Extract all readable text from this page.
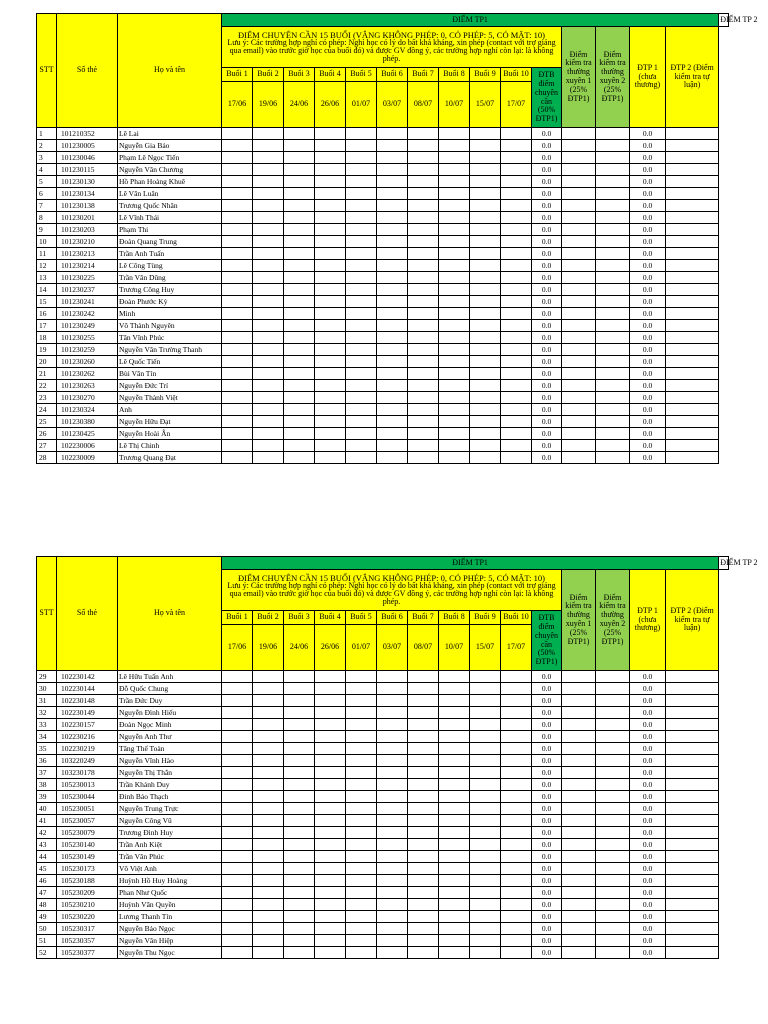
STT	Số thẻ	Họ và tên	ĐIỂM TP1															ĐIỂM TP 2

			ĐIỂM CHUYÊN CẦN 15 BUỔI (VẮNG KHÔNG PHÉP: 0, CÓ PHÉP: 5, CÓ MẶT: 10)
Lưu ý: Các trường hợp nghỉ có phép: Nghỉ học có lý do bất khả kháng, xin phép (contact với trợ giảng qua email) vào trước giờ học của buổi đó) và được GV đồng ý, các trường hợp nghỉ còn lại: là không phép.											Điểm kiểm tra thường xuyên 1 (25% ĐTP1)	Điểm kiểm tra thường xuyên 2 (25% ĐTP1)	ĐTP 1 (chưa thương)	ĐTP 2 (Điểm kiểm tra tự luận)	
			Buổi 1	Buổi 2	Buổi 3	Buổi 4	Buổi 5	Buổi 6	Buổi 7	Buổi 8	Buổi 9	Buổi 10	ĐTB điểm chuyên cần (50% ĐTP1)					
			17/06	19/06	24/06	26/06	01/07	03/07	08/07	10/07	15/07	17/07						
1	101210352	Lê Lai											0.0			0.0		
2	101230005	Nguyễn Gia Bảo											0.0			0.0		
3	101230046	Phạm Lê Ngọc Tiến											0.0			0.0		
4	101230115	Nguyễn Văn Chương											0.0			0.0		
5	101230130	Hồ Phan Hoàng Khuê											0.0			0.0		
6	101230134	Lê Văn Luân											0.0			0.0		
7	101230138	Trương Quốc Nhân											0.0			0.0		
8	101230201	Lê Vĩnh Thái											0.0			0.0		
9	101230203	Phạm Thi											0.0			0.0		
10	101230210	Đoàn Quang Trung											0.0			0.0		
11	101230213	Trần Anh Tuấn											0.0			0.0		
12	101230214	Lê Công Tùng											0.0			0.0		
13	101230225	Trần Văn Dũng											0.0			0.0		
14	101230237	Trương Công Huy											0.0			0.0		
15	101230241	Đoàn Phước Kỳ											0.0			0.0		
16	101230242	Minh											0.0			0.0		
17	101230249	Võ Thành Nguyên											0.0			0.0		
18	101230255	Tăn Vĩnh Phúc											0.0			0.0		
19	101230259	Nguyễn Văn Trường Thanh											0.0			0.0		
20	101230260	Lê Quốc Tiến											0.0			0.0		
21	101230262	Bùi Văn Tín											0.0			0.0		
22	101230263	Nguyễn Đức Trí											0.0			0.0		
23	101230270	Nguyễn Thành Việt											0.0			0.0		
24	101230324	Anh											0.0			0.0		
25	101230380	Nguyễn Hữu Đạt											0.0			0.0		
26	101230425	Nguyễn Hoài Ân											0.0			0.0		
27	102230006	Lê Thị Chinh											0.0			0.0		
28	102230009	Trương Quang Đạt											0.0			0.0		
STT	Số thẻ	Họ và tên	ĐIỂM TP1															ĐIỂM TP 2

			ĐIỂM CHUYÊN CẦN 15 BUỔI (VẮNG KHÔNG PHÉP: 0, CÓ PHÉP: 5, CÓ MẶT: 10)
Lưu ý: Các trường hợp nghỉ có phép: Nghỉ học có lý do bất khả kháng, xin phép (contact với trợ giảng qua email) vào trước giờ học của buổi đó) và được GV đồng ý, các trường hợp nghỉ còn lại: là không phép.											Điểm kiểm tra thường xuyên 1 (25% ĐTP1)	Điểm kiểm tra thường xuyên 2 (25% ĐTP1)	ĐTP 1 (chưa thương)	ĐTP 2 (Điểm kiểm tra tự luận)	
			Buổi 1	Buổi 2	Buổi 3	Buổi 4	Buổi 5	Buổi 6	Buổi 7	Buổi 8	Buổi 9	Buổi 10	ĐTB điểm chuyên cần (50% ĐTP1)					
			17/06	19/06	24/06	26/06	01/07	03/07	08/07	10/07	15/07	17/07						
29	102230142	Lê Hữu Tuấn Anh											0.0			0.0		
30	102230144	Đỗ Quốc Chung											0.0			0.0		
31	102230148	Trần Đức Duy											0.0			0.0		
32	102230149	Nguyễn Đình Hiếu											0.0			0.0		
33	102230157	Đoàn Ngọc Minh											0.0			0.0		
34	102230216	Nguyễn Anh Thư											0.0			0.0		
35	102230219	Tăng Thế Toàn											0.0			0.0		
36	103220249	Nguyễn Vĩnh Hào											0.0			0.0		
37	103230178	Nguyễn Thị Thắn											0.0			0.0		
38	105230013	Trần Khánh Duy											0.0			0.0		
39	105230044	Đinh Bảo Thạch											0.0			0.0		
40	105230051	Nguyễn Trung Trực											0.0			0.0		
41	105230057	Nguyễn Công Vũ											0.0			0.0		
42	105230079	Trương Đình Huy											0.0			0.0		
43	105230140	Trần Anh Kiệt											0.0			0.0		
44	105230149	Trần Văn Phúc											0.0			0.0		
45	105230173	Võ Việt Anh											0.0			0.0		
46	105230188	Huỳnh Hồ Huy Hoàng											0.0			0.0		
47	105230209	Phan Như Quốc											0.0			0.0		
48	105230210	Huỳnh Văn Quyền											0.0			0.0		
49	105230220	Lương Thanh Tín											0.0			0.0		
50	105230317	Nguyễn Bảo Ngọc											0.0			0.0		
51	105230357	Nguyễn Văn Hiệp											0.0			0.0		
52	105230377	Nguyễn Thu Ngọc											0.0			0.0		
